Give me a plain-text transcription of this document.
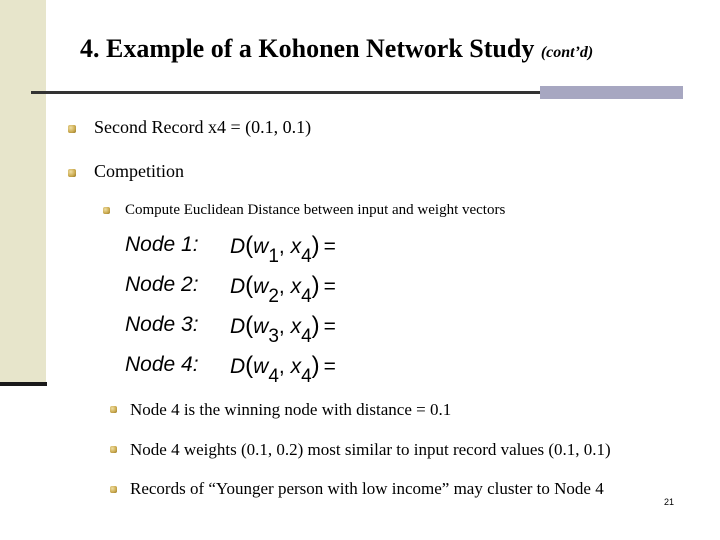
4. Example of a Kohonen Network Study (cont’d)
Second Record x4 = (0.1, 0.1)
Competition
Compute Euclidean Distance between input and weight vectors
Node 1: D(w1, x4) =
Node 2: D(w2, x4) =
Node 3: D(w3, x4) =
Node 4: D(w4, x4) =
Node 4 is the winning node with distance = 0.1
Node 4 weights (0.1, 0.2) most similar to input record values (0.1, 0.1)
Records of “Younger person with low income” may cluster to Node 4
21
